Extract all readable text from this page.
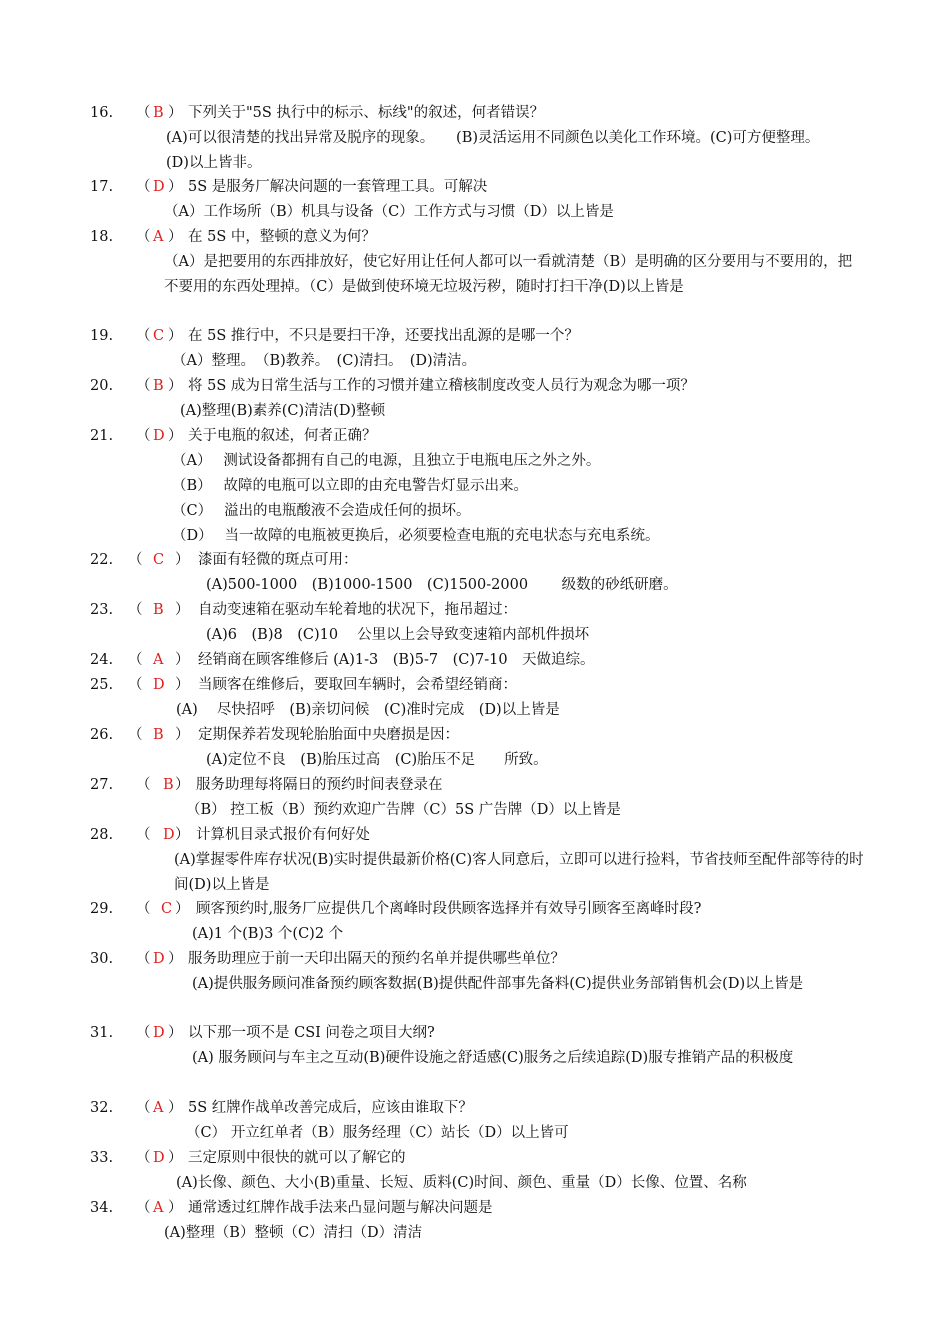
16. （ B ） 下列关于"5S 执行中的标示、标线"的叙述，何者错误？
(A)可以很清楚的找出异常及脱序的现象。　　(B)灵活运用不同颜色以美化工作环境。(C)可方便整理。　　(D)以上皆非。
17. （ D ） 5S 是服务厂解决问题的一套管理工具。可解决
（A）工作场所（B）机具与设备（C）工作方式与习惯（D）以上皆是
18. （ A ） 在 5S 中，整顿的意义为何？
（A）是把要用的东西排放好，使它好用让任何人都可以一看就清楚（B）是明确的区分要用与不要用的，把不要用的东西处理掉。（C）是做到使环境无垃圾污秽，随时打扫干净(D)以上皆是
19. （ C ） 在 5S 推行中，不只是要扫干净，还要找出乱源的是哪一个？
（A）整理。　（B)教养。　(C)清扫。　(D)清洁。
20. （ B ） 将 5S 成为日常生活与工作的习惯并建立稽核制度改变人员行为观念为哪一项？
(A)整理(B)素养(C)清洁(D)整顿
21. （ D ） 关于电瓶的叙述，何者正确？
（A）　 测试设备都拥有自己的电源，且独立于电瓶电压之外之外。
（B）　 故障的电瓶可以立即的由充电警告灯显示出来。
（C）　 溢出的电瓶酸液不会造成任何的损坏。
（D）　 当一故障的电瓶被更换后，必须要检查电瓶的充电状态与充电系统。
22. （ C ） 漆面有轻微的斑点可用：
(A)500-1000　(B)1000-1500　(C)1500-2000　　 级数的砂纸研磨。
23. （ B ） 自动变速箱在驱动车轮着地的状况下，拖吊超过：
(A)6　(B)8　(C)10　 公里以上会导致变速箱内部机件损坏
24. （ A ） 经销商在顾客维修后 (A)1-3　(B)5-7　(C)7-10　天做追综。
25. （ D ） 当顾客在维修后，要取回车辆时，会希望经销商：
(A)　 尽快招呼　(B)亲切问候　(C)准时完成　(D)以上皆是
26. （ B ） 定期保养若发现轮胎胎面中央磨损是因：
(A)定位不良　(B)胎压过高　(C)胎压不足　　所致。
27. （ B ） 服务助理每将隔日的预约时间表登录在
（B） 控工板（B）预约欢迎广告牌（C）5S 广告牌（D）以上皆是
28. （ D ） 计算机目录式报价有何好处
(A)掌握零件库存状况(B)实时提供最新价格(C)客人同意后，立即可以进行捡料，节省技师至配件部等待的时间(D)以上皆是
29. （ C ） 顾客预约时,服务厂应提供几个离峰时段供顾客选择并有效导引顾客至离峰时段?
(A)1 个(B)3 个(C)2 个
30. （ D ） 服务助理应于前一天印出隔天的预约名单并提供哪些单位？
(A)提供服务顾问准备预约顾客数据(B)提供配件部事先备料(C)提供业务部销售机会(D)以上皆是
31. （ D ） 以下那一项不是 CSI 问卷之项目大纲?
(A) 服务顾问与车主之互动(B)硬件设施之舒适感(C)服务之后续追踪(D)服专推销产品的积极度
32. （ A ） 5S 红牌作战单改善完成后，应该由谁取下？
（C） 开立红单者（B）服务经理（C）站长（D）以上皆可
33. （ D ） 三定原则中很快的就可以了解它的
(A)长像、颜色、大小(B)重量、长短、质料(C)时间、颜色、重量（D）长像、位置、名称
34. （ A ） 通常透过红牌作战手法来凸显问题与解决问题是
(A)整理（B）整顿（C）清扫（D）清洁
